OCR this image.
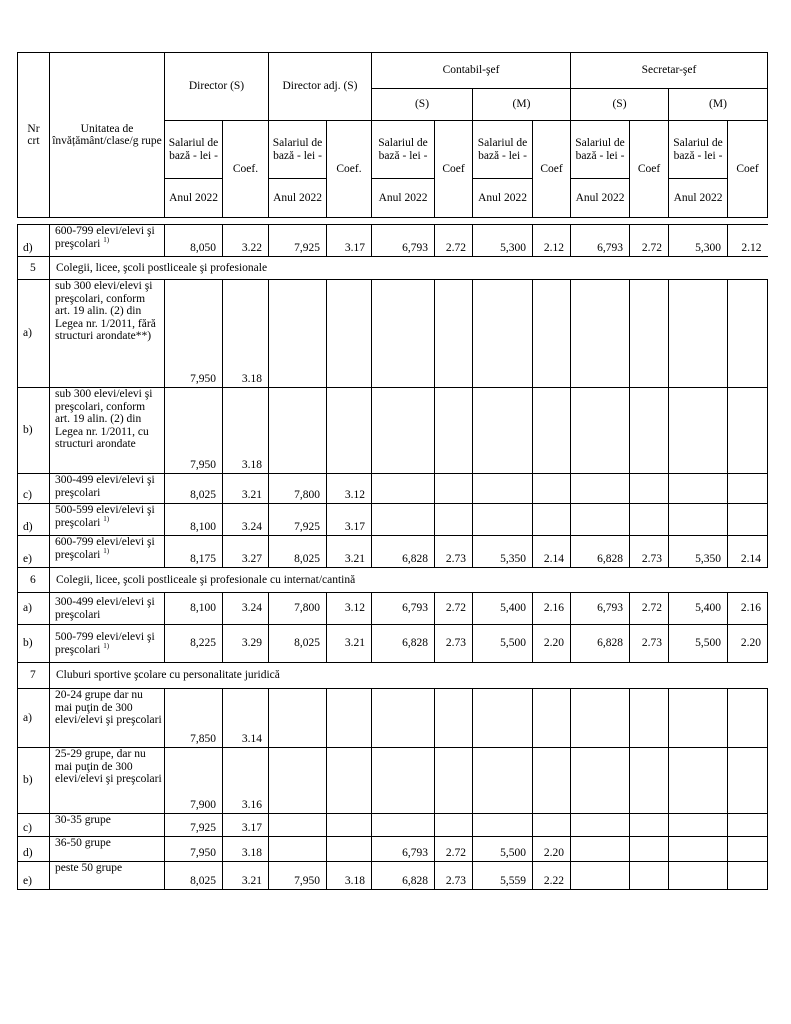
Nr crt	Unitatea de învățământ/clase/g rupe	Director (S)		Director adj. (S)		Contabil-şef				Secretar-şef			
						(S)		(M)		(S)		(M)	
		Salariul de bază - lei -	Coef.	Salariul de bază - lei -	Coef.	Salariul de bază - lei -	Coef	Salariul de bază - lei -	Coef	Salariul de bază - lei -	Coef	Salariul de bază - lei -	Coef
		Anul 2022		Anul 2022		Anul 2022		Anul 2022		Anul 2022		Anul 2022	

d)	600-799 elevi/elevi şi preşcolari $^{1)}$	8,050	3.22	7,925	3.17	6,793	2.72	5,300	2.12	6,793	2.72	5,300	2.12
5	Colegii, licee, şcoli postliceale şi profesionale												
a)	sub 300 elevi/elevi şi preşcolari, conform art. 19 alin. (2) din Legea nr. 1/2011, fără structuri arondate**)	7,950	3.18										
b)	sub 300 elevi/elevi şi preşcolari, conform art. 19 alin. (2) din Legea nr. 1/2011, cu structuri arondate	7,950	3.18										
c)	300-499 elevi/elevi şi preşcolari	8,025	3.21	7,800	3.12								
d)	500-599 elevi/elevi şi preşcolari $^{1)}$	8,100	3.24	7,925	3.17								
e)	600-799 elevi/elevi şi preşcolari $^{1)}$	8,175	3.27	8,025	3.21	6,828	2.73	5,350	2.14	6,828	2.73	5,350	2.14
6	Colegii, licee, şcoli postliceale şi profesionale cu internat/cantină												
a)	300-499 elevi/elevi şi preşcolari	8,100	3.24	7,800	3.12	6,793	2.72	5,400	2.16	6,793	2.72	5,400	2.16
b)	500-799 elevi/elevi şi preşcolari $^{1)}$	8,225	3.29	8,025	3.21	6,828	2.73	5,500	2.20	6,828	2.73	5,500	2.20
7	Cluburi sportive şcolare cu personalitate juridică												
a)	20-24 grupe dar nu mai puţin de 300 elevi/elevi şi preşcolari	7,850	3.14										
b)	25-29 grupe, dar nu mai puţin de 300 elevi/elevi şi preşcolari	7,900	3.16										
c)	30-35 grupe	7,925	3.17										
d)	36-50 grupe	7,950	3.18			6,793	2.72	5,500	2.20				
e)	peste 50 grupe	8,025	3.21	7,950	3.18	6,828	2.73	5,559	2.22				
